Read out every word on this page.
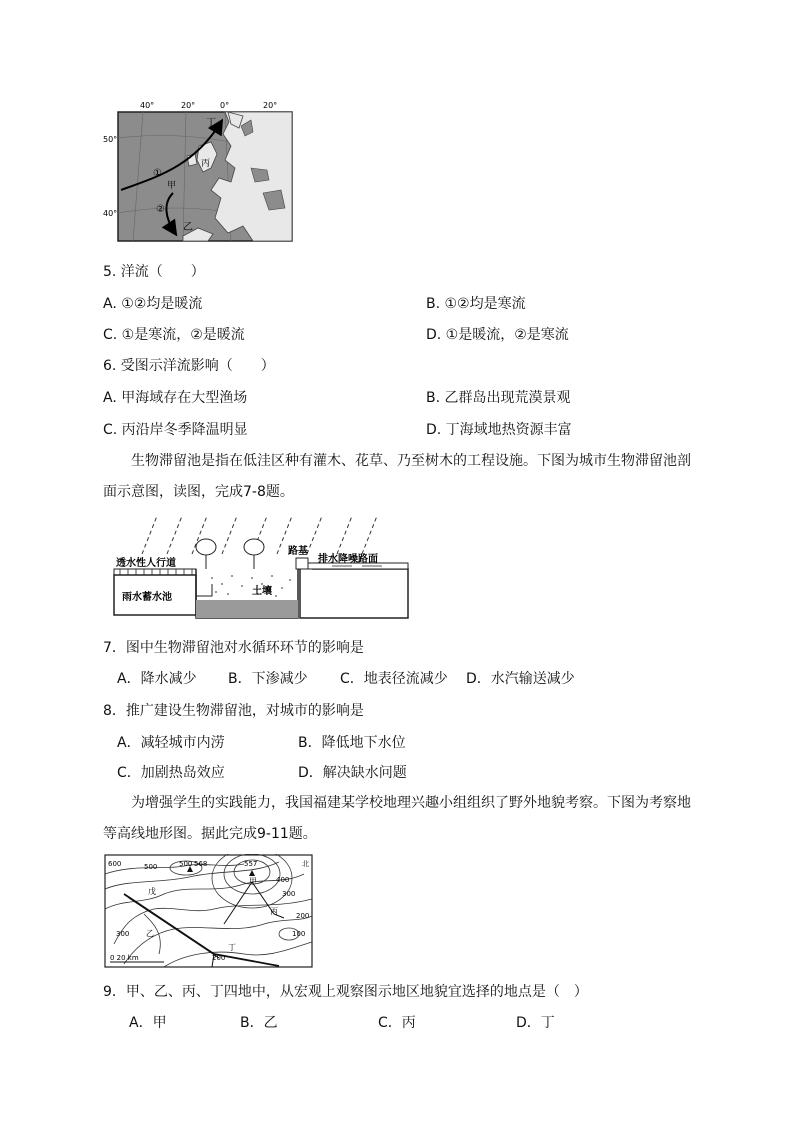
40°	20°	0°	20°
50°
40°
丁
丙
甲
乙
①
②
5. 洋流（　　）
A. ①②均是暖流	B. ①②均是寒流
C. ①是寒流，②是暖流	D. ①是暖流，②是寒流
6. 受图示洋流影响（　　）
A. 甲海域存在大型渔场	B. 乙群岛出现荒漠景观
C. 丙沿岸冬季降温明显	D. 丁海域地热资源丰富
生物滞留池是指在低洼区种有灌木、花草、乃至树木的工程设施。下图为城市生物滞留池剖面示意图，读图，完成7-8题。
透水性人行道
路基
排水降噪路面
雨水蓄水池
土壤
7．图中生物滞留池对水循环环节的影响是
A．降水减少 B．下渗减少 C．地表径流减少 D．水汽输送减少
8．推广建设生物滞留池，对城市的影响是
A．减轻城市内涝	B．降低地下水位
C．加剧热岛效应	D．解决缺水问题
为增强学生的实践能力，我国福建某学校地理兴趣小组组织了野外地貌考察。下图为考察地等高线地形图。据此完成9-11题。
600	500	500
400
300
300
200
200
100
568	557	北
戊
甲
乙
丙
丁
0 20 km
9．甲、乙、丙、丁四地中，从宏观上观察图示地区地貌宜选择的地点是（　）
A．甲	B．乙	C．丙	D．丁
